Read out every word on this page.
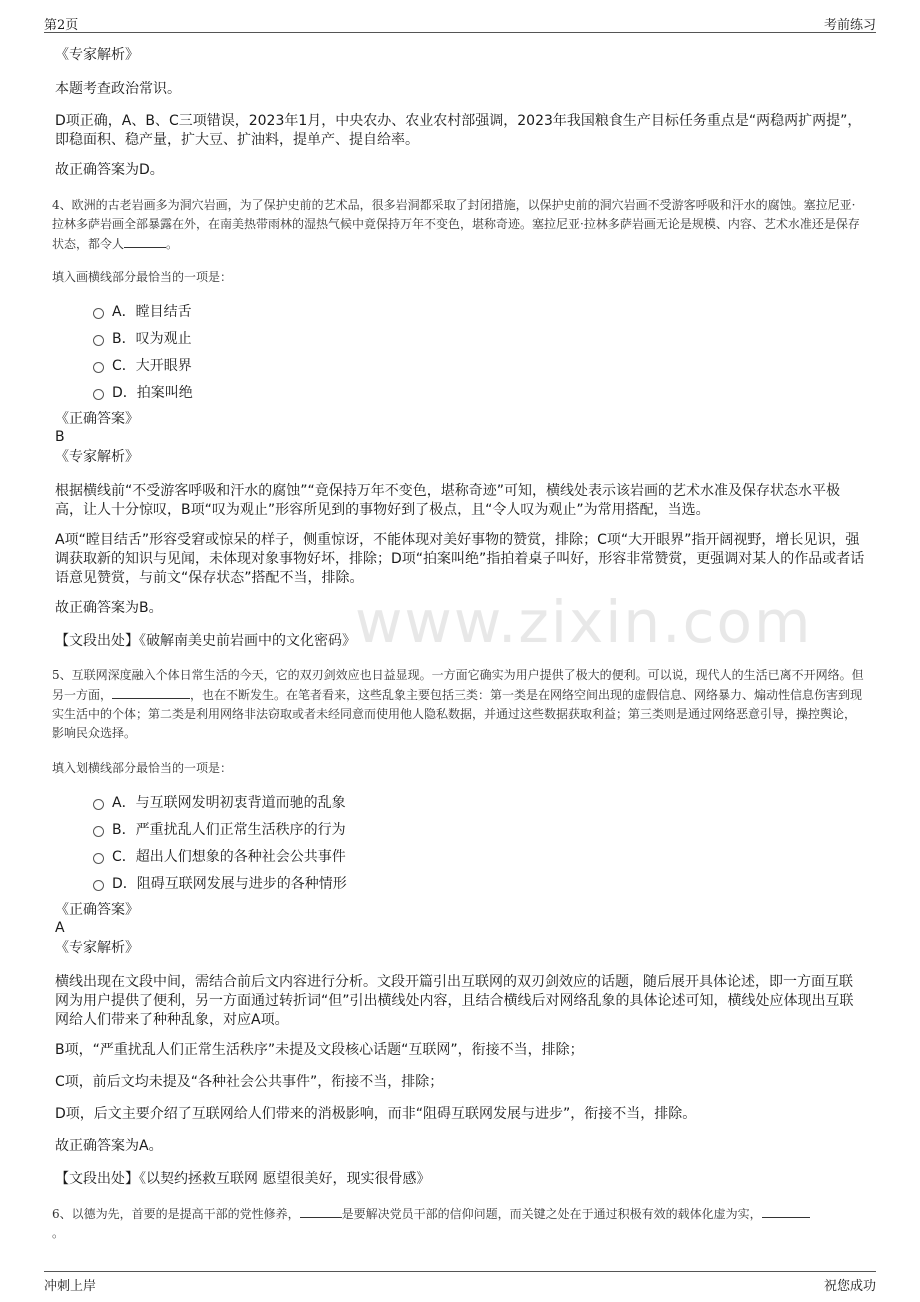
第2页	考前练习
www.zixin.com
《专家解析》
本题考查政治常识。
D项正确，A、B、C三项错误，2023年1月，中央农办、农业农村部强调，2023年我国粮食生产目标任务重点是“两稳两扩两提”，即稳面积、稳产量，扩大豆、扩油料，提单产、提自给率。
故正确答案为D。
4、欧洲的古老岩画多为洞穴岩画，为了保护史前的艺术品，很多岩洞都采取了封闭措施，以保护史前的洞穴岩画不受游客呼吸和汗水的腐蚀。塞拉尼亚·拉林多萨岩画全部暴露在外，在南美热带雨林的湿热气候中竟保持万年不变色，堪称奇迹。塞拉尼亚·拉林多萨岩画无论是规模、内容、艺术水准还是保存状态，都令人	。
填入画横线部分最恰当的一项是：
A．瞠目结舌
B．叹为观止
C．大开眼界
D．拍案叫绝
《正确答案》
B
《专家解析》
根据横线前“不受游客呼吸和汗水的腐蚀”“竟保持万年不变色，堪称奇迹”可知，横线处表示该岩画的艺术水准及保存状态水平极高，让人十分惊叹，B项“叹为观止”形容所见到的事物好到了极点，且“令人叹为观止”为常用搭配，当选。
A项“瞠目结舌”形容受窘或惊呆的样子，侧重惊讶，不能体现对美好事物的赞赏，排除；C项“大开眼界”指开阔视野，增长见识，强调获取新的知识与见闻，未体现对象事物好坏，排除；D项“拍案叫绝”指拍着桌子叫好，形容非常赞赏，更强调对某人的作品或者话语意见赞赏，与前文“保存状态”搭配不当，排除。
故正确答案为B。
【文段出处】《破解南美史前岩画中的文化密码》
5、互联网深度融入个体日常生活的今天，它的双刃剑效应也日益显现。一方面它确实为用户提供了极大的便利。可以说，现代人的生活已离不开网络。但另一方面，	，也在不断发生。在笔者看来，这些乱象主要包括三类：第一类是在网络空间出现的虚假信息、网络暴力、煽动性信息伤害到现实生活中的个体；第二类是利用网络非法窃取或者未经同意而使用他人隐私数据，并通过这些数据获取利益；第三类则是通过网络恶意引导，操控舆论，影响民众选择。
填入划横线部分最恰当的一项是：
A．与互联网发明初衷背道而驰的乱象
B．严重扰乱人们正常生活秩序的行为
C．超出人们想象的各种社会公共事件
D．阻碍互联网发展与进步的各种情形
《正确答案》
A
《专家解析》
横线出现在文段中间，需结合前后文内容进行分析。文段开篇引出互联网的双刃剑效应的话题，随后展开具体论述，即一方面互联网为用户提供了便利，另一方面通过转折词“但”引出横线处内容，且结合横线后对网络乱象的具体论述可知，横线处应体现出互联网给人们带来了种种乱象，对应A项。
B项，“严重扰乱人们正常生活秩序”未提及文段核心话题“互联网”，衔接不当，排除；
C项，前后文均未提及“各种社会公共事件”，衔接不当，排除；
D项，后文主要介绍了互联网给人们带来的消极影响，而非“阻碍互联网发展与进步”，衔接不当，排除。
故正确答案为A。
【文段出处】《以契约拯救互联网 愿望很美好，现实很骨感》
6、以德为先，首要的是提高干部的党性修养，	是要解决党员干部的信仰问题，而关键之处在于通过积极有效的载体化虚为实，。
冲刺上岸	祝您成功
